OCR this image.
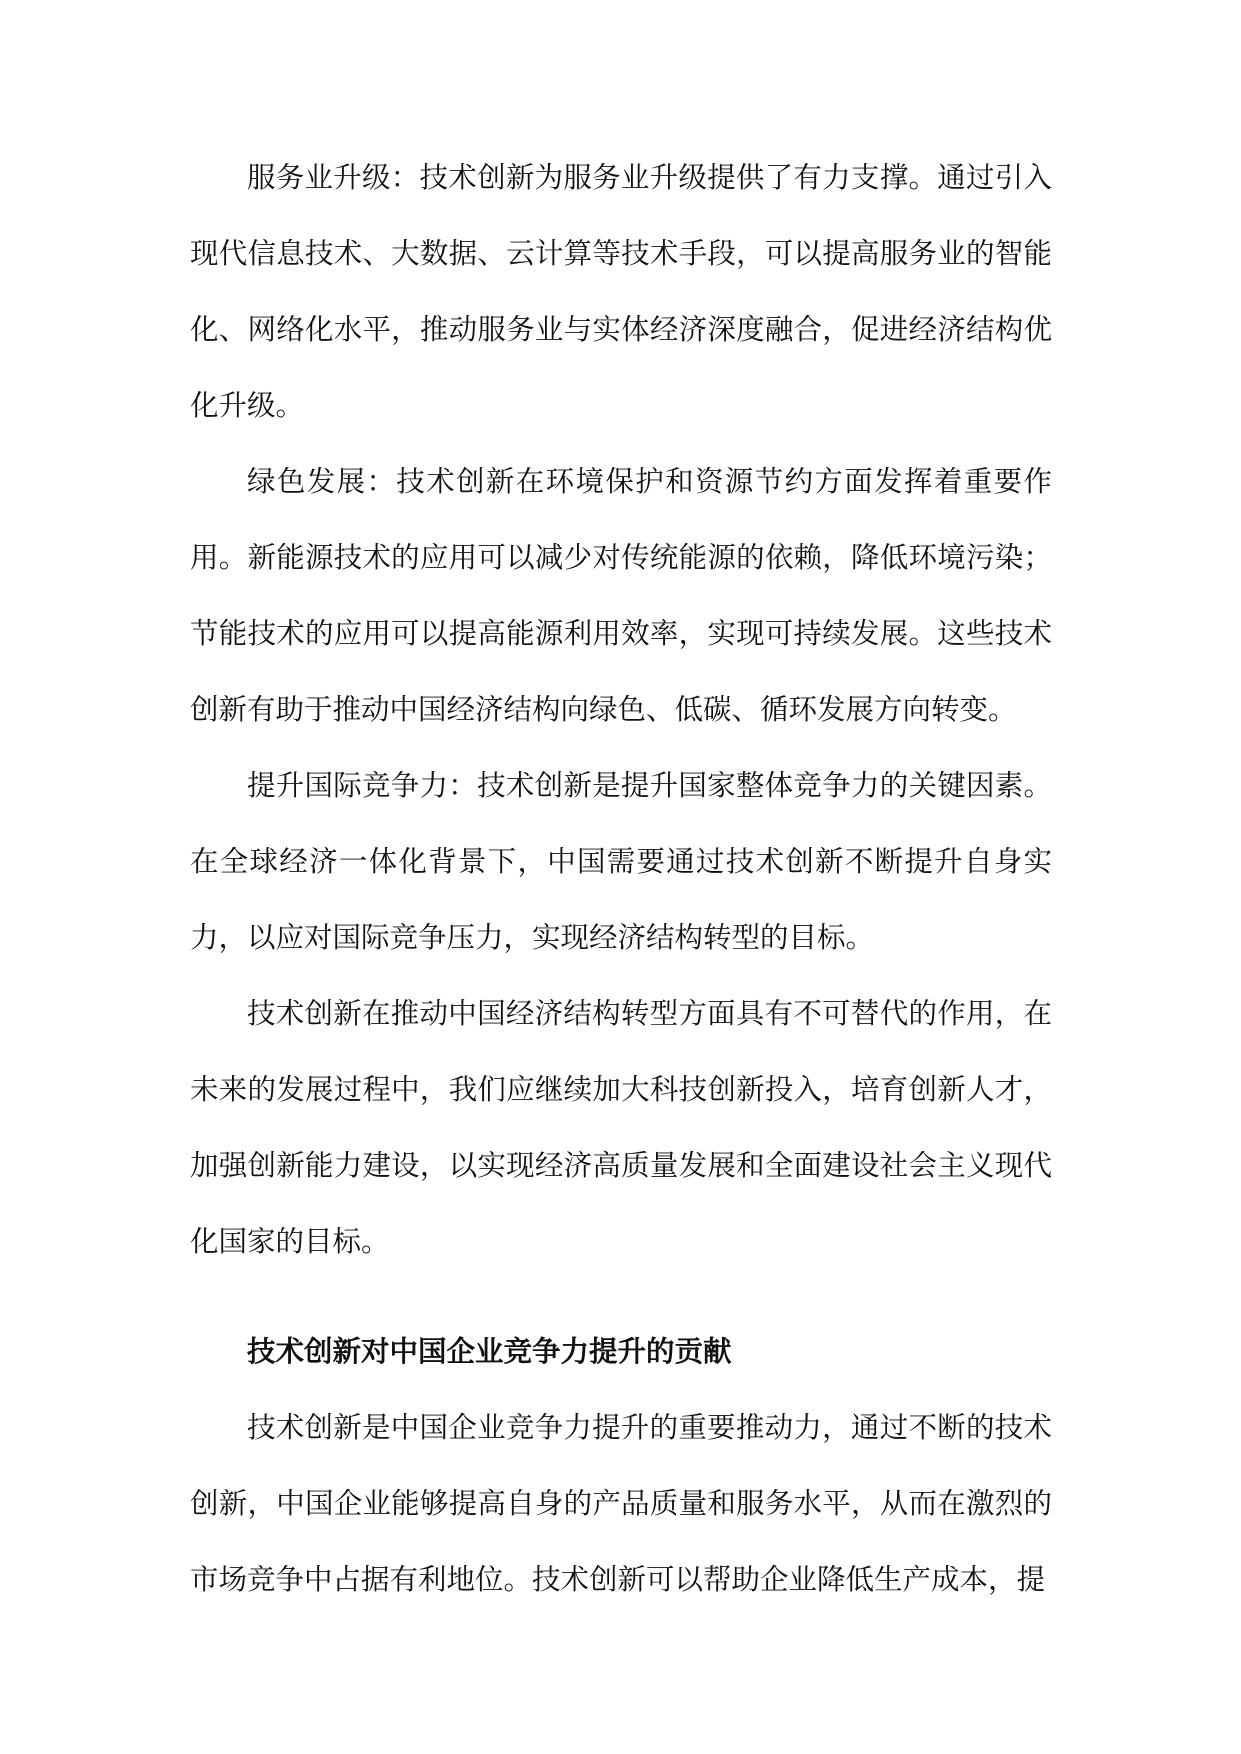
服务业升级：技术创新为服务业升级提供了有力支撑。通过引入现代信息技术、大数据、云计算等技术手段，可以提高服务业的智能化、网络化水平，推动服务业与实体经济深度融合，促进经济结构优化升级。

绿色发展：技术创新在环境保护和资源节约方面发挥着重要作用。新能源技术的应用可以减少对传统能源的依赖，降低环境污染；节能技术的应用可以提高能源利用效率，实现可持续发展。这些技术创新有助于推动中国经济结构向绿色、低碳、循环发展方向转变。

提升国际竞争力：技术创新是提升国家整体竞争力的关键因素。在全球经济一体化背景下，中国需要通过技术创新不断提升自身实力，以应对国际竞争压力，实现经济结构转型的目标。

技术创新在推动中国经济结构转型方面具有不可替代的作用，在未来的发展过程中，我们应继续加大科技创新投入，培育创新人才，加强创新能力建设，以实现经济高质量发展和全面建设社会主义现代化国家的目标。

技术创新对中国企业竞争力提升的贡献

技术创新是中国企业竞争力提升的重要推动力，通过不断的技术创新，中国企业能够提高自身的产品质量和服务水平，从而在激烈的市场竞争中占据有利地位。技术创新可以帮助企业降低生产成本，提
